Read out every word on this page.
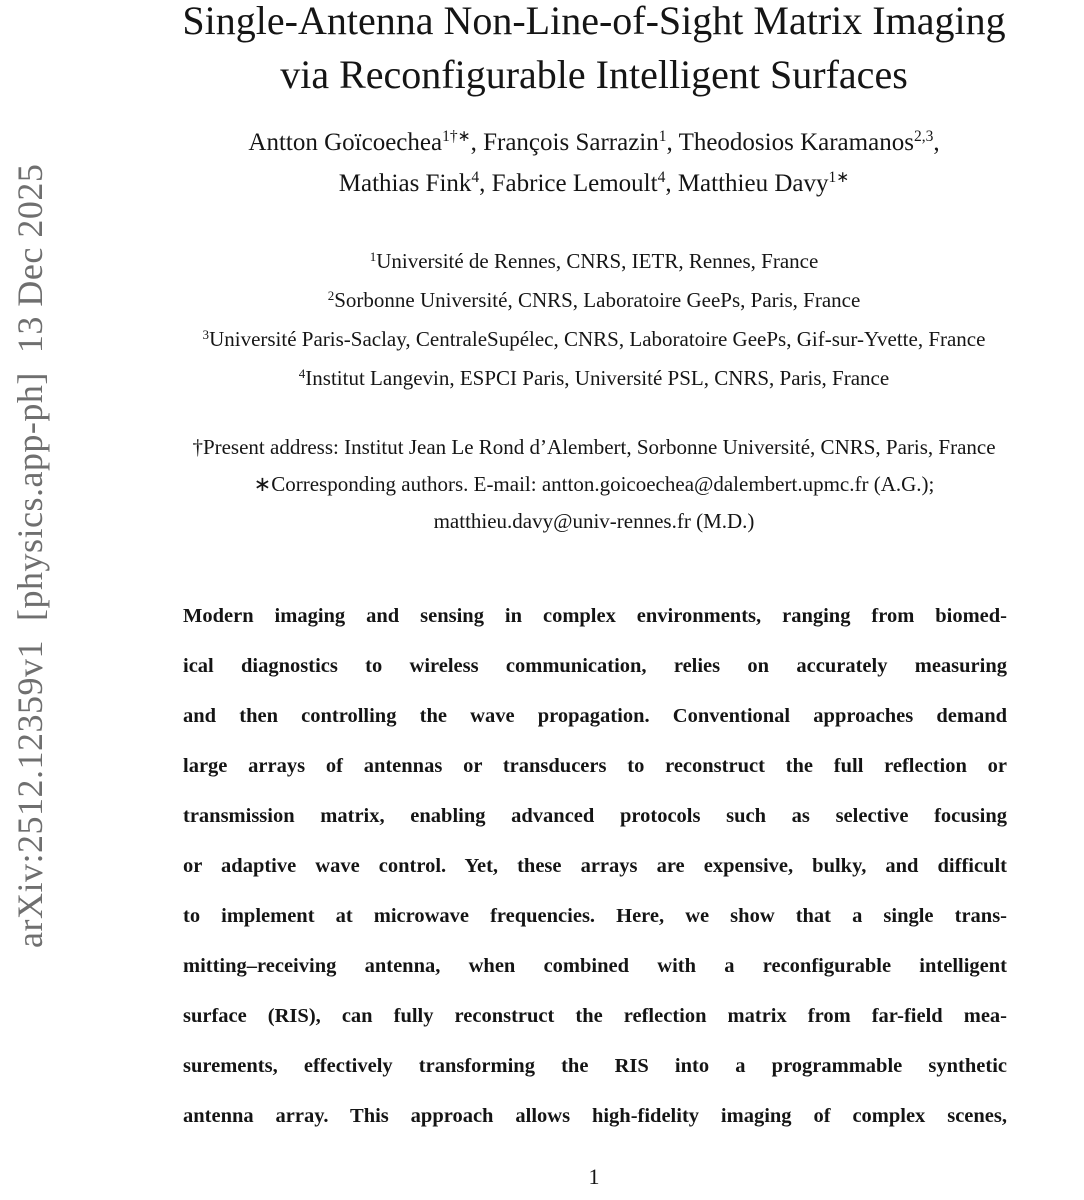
arXiv:2512.12359v1  [physics.app-ph]  13 Dec 2025
Single-Antenna Non-Line-of-Sight Matrix Imaging
via Reconfigurable Intelligent Surfaces
Antton Goïcoechea$^{1\dagger∗}$, François Sarrazin$^1$, Theodosios Karamanos$^{2,3}$,
Mathias Fink$^4$, Fabrice Lemoult$^4$, Matthieu Davy$^{1∗}$
$^1$Université de Rennes, CNRS, IETR, Rennes, France
$^2$Sorbonne Université, CNRS, Laboratoire GeePs, Paris, France
$^3$Université Paris-Saclay, CentraleSupélec, CNRS, Laboratoire GeePs, Gif-sur-Yvette, France
$^4$Institut Langevin, ESPCI Paris, Université PSL, CNRS, Paris, France
†Present address: Institut Jean Le Rond d’Alembert, Sorbonne Université, CNRS, Paris, France
∗Corresponding authors. E-mail: antton.goicoechea@dalembert.upmc.fr (A.G.);
matthieu.davy@univ-rennes.fr (M.D.)
Modern imaging and sensing in complex environments, ranging from biomed-
ical diagnostics to wireless communication, relies on accurately measuring
and then controlling the wave propagation. Conventional approaches demand
large arrays of antennas or transducers to reconstruct the full reflection or
transmission matrix, enabling advanced protocols such as selective focusing
or adaptive wave control. Yet, these arrays are expensive, bulky, and difficult
to implement at microwave frequencies. Here, we show that a single trans-
mitting–receiving antenna, when combined with a reconfigurable intelligent
surface (RIS), can fully reconstruct the reflection matrix from far-field mea-
surements, effectively transforming the RIS into a programmable synthetic
antenna array. This approach allows high-fidelity imaging of complex scenes,
1
